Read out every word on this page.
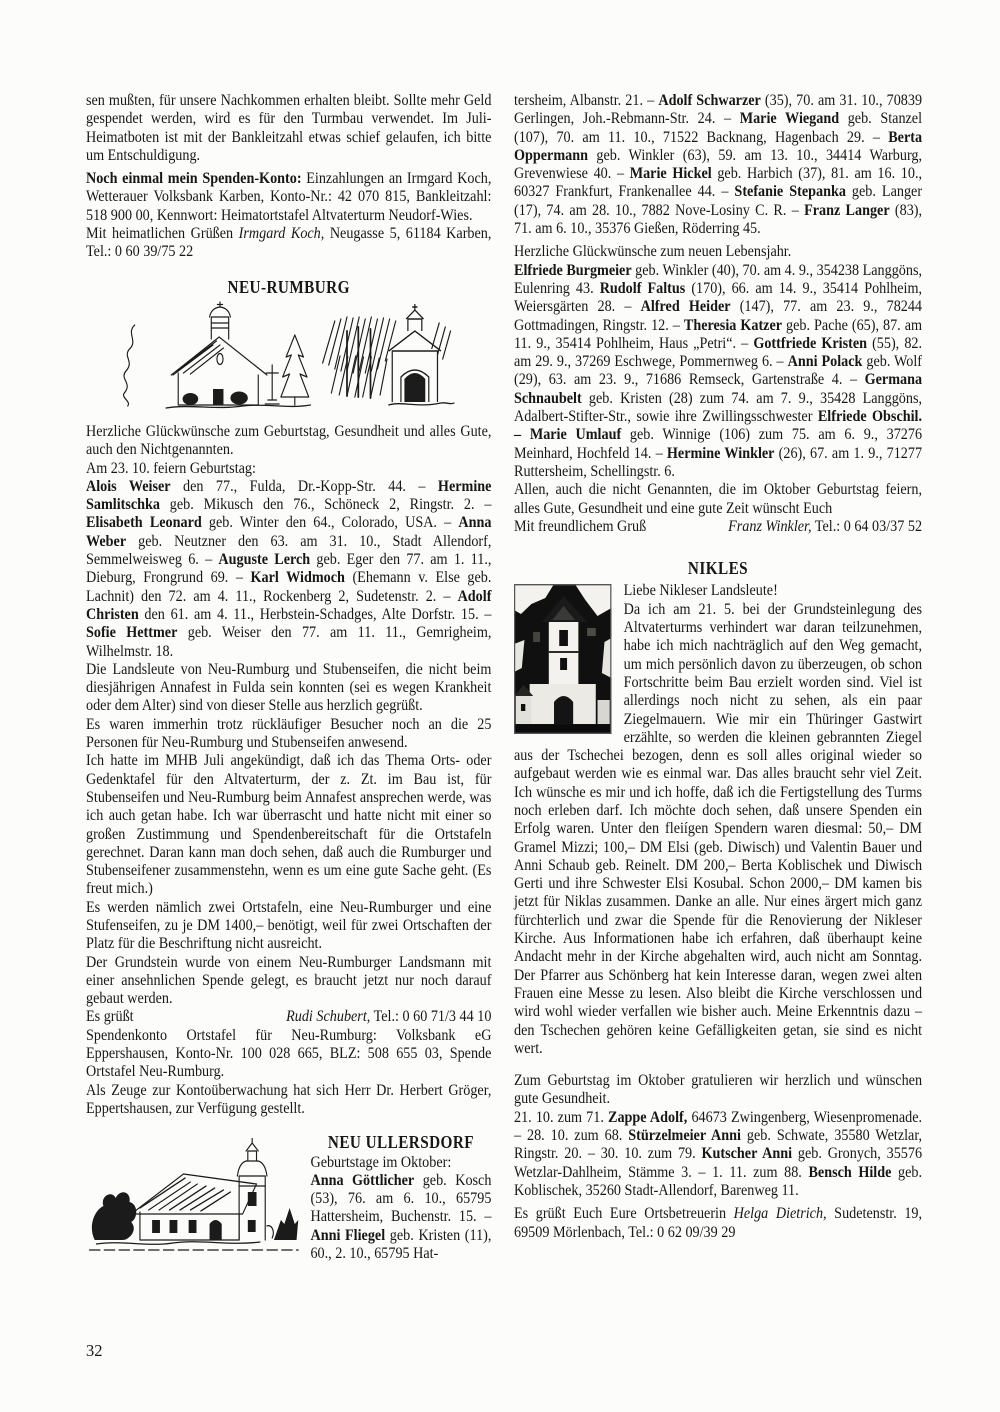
sen mußten, für unsere Nachkommen erhalten bleibt. Sollte mehr Geld gespendet werden, wird es für den Turmbau verwendet. Im Juli-Heimatboten ist mit der Bankleitzahl etwas schief gelaufen, ich bitte um Entschuldigung.

Noch einmal mein Spenden-Konto: Einzahlungen an Irmgard Koch, Wetterauer Volksbank Karben, Konto-Nr.: 42 070 815, Bankleitzahl: 518 900 00, Kennwort: Heimatortstafel Altvaterturm Neudorf-Wies.

Mit heimatlichen Grüßen Irmgard Koch, Neugasse 5, 61184 Karben, Tel.: 0 60 39/75 22

NEU-RUMBURG

Herzliche Glückwünsche zum Geburtstag, Gesundheit und alles Gute, auch den Nichtgenannten.

Am 23. 10. feiern Geburtstag:

Alois Weiser den 77., Fulda, Dr.-Kopp-Str. 44. – Hermine Samlitschka geb. Mikusch den 76., Schöneck 2, Ringstr. 2. – Elisabeth Leonard geb. Winter den 64., Colorado, USA. – Anna Weber geb. Neutzner den 63. am 31. 10., Stadt Allendorf, Semmelweisweg 6. – Auguste Lerch geb. Eger den 77. am 1. 11., Dieburg, Frongrund 69. – Karl Widmoch (Ehemann v. Else geb. Lachnit) den 72. am 4. 11., Rockenberg 2, Sudetenstr. 2. – Adolf Christen den 61. am 4. 11., Herbstein-Schadges, Alte Dorfstr. 15. – Sofie Hettmer geb. Weiser den 77. am 11. 11., Gemrigheim, Wilhelmstr. 18.

Die Landsleute von Neu-Rumburg und Stubenseifen, die nicht beim diesjährigen Annafest in Fulda sein konnten (sei es wegen Krankheit oder dem Alter) sind von dieser Stelle aus herzlich gegrüßt.

Es waren immerhin trotz rückläufiger Besucher noch an die 25 Personen für Neu-Rumburg und Stubenseifen anwesend.

Ich hatte im MHB Juli angekündigt, daß ich das Thema Orts- oder Gedenktafel für den Altvaterturm, der z. Zt. im Bau ist, für Stubenseifen und Neu-Rumburg beim Annafest ansprechen werde, was ich auch getan habe. Ich war überrascht und hatte nicht mit einer so großen Zustimmung und Spendenbereitschaft für die Ortstafeln gerechnet. Daran kann man doch sehen, daß auch die Rumburger und Stubenseifener zusammenstehn, wenn es um eine gute Sache geht. (Es freut mich.)

Es werden nämlich zwei Ortstafeln, eine Neu-Rumburger und eine Stufenseifen, zu je DM 1400,– benötigt, weil für zwei Ortschaften der Platz für die Beschriftung nicht ausreicht.

Der Grundstein wurde von einem Neu-Rumburger Landsmann mit einer ansehnlichen Spende gelegt, es braucht jetzt nur noch darauf gebaut werden.

Es grüßt	Rudi Schubert, Tel.: 0 60 71/3 44 10

Spendenkonto Ortstafel für Neu-Rumburg: Volksbank eG Eppershausen, Konto-Nr. 100 028 665, BLZ: 508 655 03, Spende Ortstafel Neu-Rumburg.

Als Zeuge zur Kontoüberwachung hat sich Herr Dr. Herbert Gröger, Eppertshausen, zur Verfügung gestellt.

NEU ULLERSDORF

Geburtstage im Oktober:

Anna Göttlicher geb. Kosch (53), 76. am 6. 10., 65795 Hattersheim, Buchenstr. 15. – Anni Fliegel geb. Kristen (11), 60., 2. 10., 65795 Hat-

tersheim, Albanstr. 21. – Adolf Schwarzer (35), 70. am 31. 10., 70839 Gerlingen, Joh.-Rebmann-Str. 24. – Marie Wiegand geb. Stanzel (107), 70. am 11. 10., 71522 Backnang, Hagenbach 29. – Berta Oppermann geb. Winkler (63), 59. am 13. 10., 34414 Warburg, Grevenwiese 40. – Marie Hickel geb. Harbich (37), 81. am 16. 10., 60327 Frankfurt, Frankenallee 44. – Stefanie Stepanka geb. Langer (17), 74. am 28. 10., 7882 Nove-Losiny C. R. – Franz Langer (83), 71. am 6. 10., 35376 Gießen, Röderring 45.

Herzliche Glückwünsche zum neuen Lebensjahr.

Elfriede Burgmeier geb. Winkler (40), 70. am 4. 9., 354238 Langgöns, Eulenring 43. Rudolf Faltus (170), 66. am 14. 9., 35414 Pohlheim, Weiersgärten 28. – Alfred Heider (147), 77. am 23. 9., 78244 Gottmadingen, Ringstr. 12. – Theresia Katzer geb. Pache (65), 87. am 11. 9., 35414 Pohlheim, Haus „Petri“. – Gottfriede Kristen (55), 82. am 29. 9., 37269 Eschwege, Pommernweg 6. – Anni Polack geb. Wolf (29), 63. am 23. 9., 71686 Remseck, Gartenstraße 4. – Germana Schnaubelt geb. Kristen (28) zum 74. am 7. 9., 35428 Langgöns, Adalbert-Stifter-Str., sowie ihre Zwillingsschwester Elfriede Obschil. – Marie Umlauf geb. Winnige (106) zum 75. am 6. 9., 37276 Meinhard, Hochfeld 14. – Hermine Winkler (26), 67. am 1. 9., 71277 Ruttersheim, Schellingstr. 6.

Allen, auch die nicht Genannten, die im Oktober Geburtstag feiern, alles Gute, Gesundheit und eine gute Zeit wünscht Euch

Mit freundlichem Gruß	Franz Winkler, Tel.: 0 64 03/37 52
NIKLES

Liebe Nikleser Landsleute!

Da ich am 21. 5. bei der Grundsteinlegung des Altvaterturms verhindert war daran teilzunehmen, habe ich mich nachträglich auf den Weg gemacht, um mich persönlich davon zu überzeugen, ob schon Fortschritte beim Bau erzielt worden sind. Viel ist allerdings noch nicht zu sehen, als ein paar Ziegelmauern. Wie mir ein Thüringer Gastwirt erzählte, so werden die kleinen gebrannten Ziegel aus der Tschechei bezogen, denn es soll alles original wieder so aufgebaut werden wie es einmal war. Das alles braucht sehr viel Zeit. Ich wünsche es mir und ich hoffe, daß ich die Fertigstellung des Turms noch erleben darf. Ich möchte doch sehen, daß unsere Spenden ein Erfolg waren. Unter den fleiígen Spendern waren diesmal: 50,– DM Gramel Mizzi; 100,– DM Elsi (geb. Diwisch) und Valentin Bauer und Anni Schaub geb. Reinelt. DM 200,– Berta Koblischek und Diwisch Gerti und ihre Schwester Elsi Kosubal. Schon 2000,– DM kamen bis jetzt für Niklas zusammen. Danke an alle. Nur eines ärgert mich ganz fürchterlich und zwar die Spende für die Renovierung der Nikleser Kirche. Aus Informationen habe ich erfahren, daß überhaupt keine Andacht mehr in der Kirche abgehalten wird, auch nicht am Sonntag. Der Pfarrer aus Schönberg hat kein Interesse daran, wegen zwei alten Frauen eine Messe zu lesen. Also bleibt die Kirche verschlossen und wird wohl wieder verfallen wie bisher auch. Meine Erkenntnis dazu – den Tschechen gehören keine Gefälligkeiten getan, sie sind es nicht wert.

Zum Geburtstag im Oktober gratulieren wir herzlich und wünschen gute Gesundheit.

21. 10. zum 71. Zappe Adolf, 64673 Zwingenberg, Wiesenpromenade. – 28. 10. zum 68. Stürzelmeier Anni geb. Schwate, 35580 Wetzlar, Ringstr. 20. – 30. 10. zum 79. Kutscher Anni geb. Gronych, 35576 Wetzlar-Dahlheim, Stämme 3. – 1. 11. zum 88. Bensch Hilde geb. Koblischek, 35260 Stadt-Allendorf, Barenweg 11.

Es grüßt Euch Eure Ortsbetreuerin Helga Dietrich, Sudetenstr. 19, 69509 Mörlenbach, Tel.: 0 62 09/39 29

32
